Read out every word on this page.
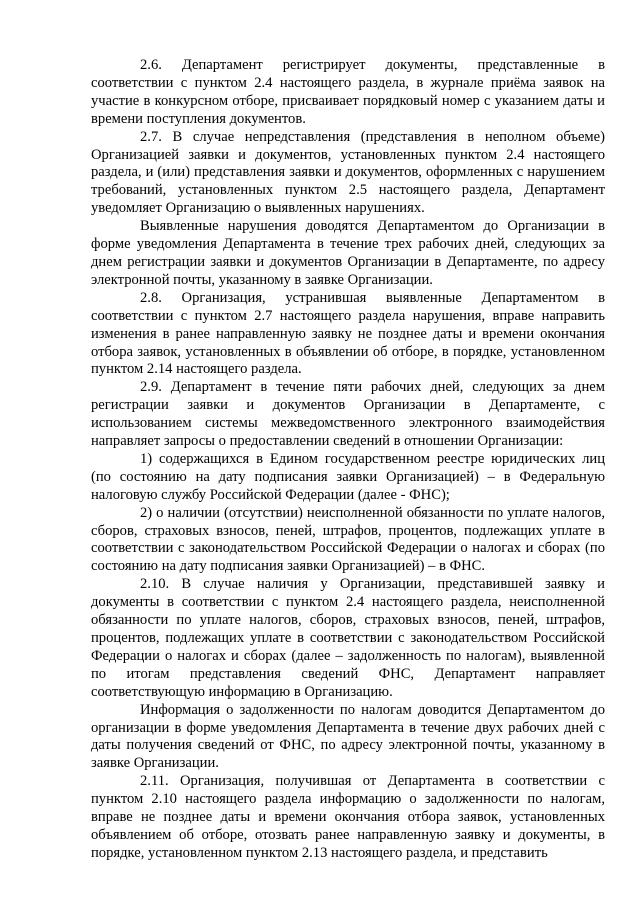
2.6. Департамент регистрирует документы, представленные в соответствии с пунктом 2.4 настоящего раздела, в журнале приёма заявок на участие в конкурсном отборе, присваивает порядковый номер с указанием даты и времени поступления документов.

2.7. В случае непредставления (представления в неполном объеме) Организацией заявки и документов, установленных пунктом 2.4 настоящего раздела, и (или) представления заявки и документов, оформленных с нарушением требований, установленных пунктом 2.5 настоящего раздела, Департамент уведомляет Организацию о выявленных нарушениях.

Выявленные нарушения доводятся Департаментом до Организации в форме уведомления Департамента в течение трех рабочих дней, следующих за днем регистрации заявки и документов Организации в Департаменте, по адресу электронной почты, указанному в заявке Организации.

2.8. Организация, устранившая выявленные Департаментом в соответствии с пунктом 2.7 настоящего раздела нарушения, вправе направить изменения в ранее направленную заявку не позднее даты и времени окончания отбора заявок, установленных в объявлении об отборе, в порядке, установленном пунктом 2.14 настоящего раздела.

2.9. Департамент в течение пяти рабочих дней, следующих за днем регистрации заявки и документов Организации в Департаменте, с использованием системы межведомственного электронного взаимодействия направляет запросы о предоставлении сведений в отношении Организации:

1) содержащихся в Едином государственном реестре юридических лиц (по состоянию на дату подписания заявки Организацией) – в Федеральную налоговую службу Российской Федерации (далее - ФНС);

2) о наличии (отсутствии) неисполненной обязанности по уплате налогов, сборов, страховых взносов, пеней, штрафов, процентов, подлежащих уплате в соответствии с законодательством Российской Федерации о налогах и сборах (по состоянию на дату подписания заявки Организацией) – в ФНС.

2.10. В случае наличия у Организации, представившей заявку и документы в соответствии с пунктом 2.4 настоящего раздела, неисполненной обязанности по уплате налогов, сборов, страховых взносов, пеней, штрафов, процентов, подлежащих уплате в соответствии с законодательством Российской Федерации о налогах и сборах (далее – задолженность по налогам), выявленной по итогам представления сведений ФНС, Департамент направляет соответствующую информацию в Организацию.

Информация о задолженности по налогам доводится Департаментом до организации в форме уведомления Департамента в течение двух рабочих дней с даты получения сведений от ФНС, по адресу электронной почты, указанному в заявке Организации.

2.11. Организация, получившая от Департамента в соответствии с пунктом 2.10 настоящего раздела информацию о задолженности по налогам, вправе не позднее даты и времени окончания отбора заявок, установленных объявлением об отборе, отозвать ранее направленную заявку и документы, в порядке, установленном пунктом 2.13 настоящего раздела, и представить
